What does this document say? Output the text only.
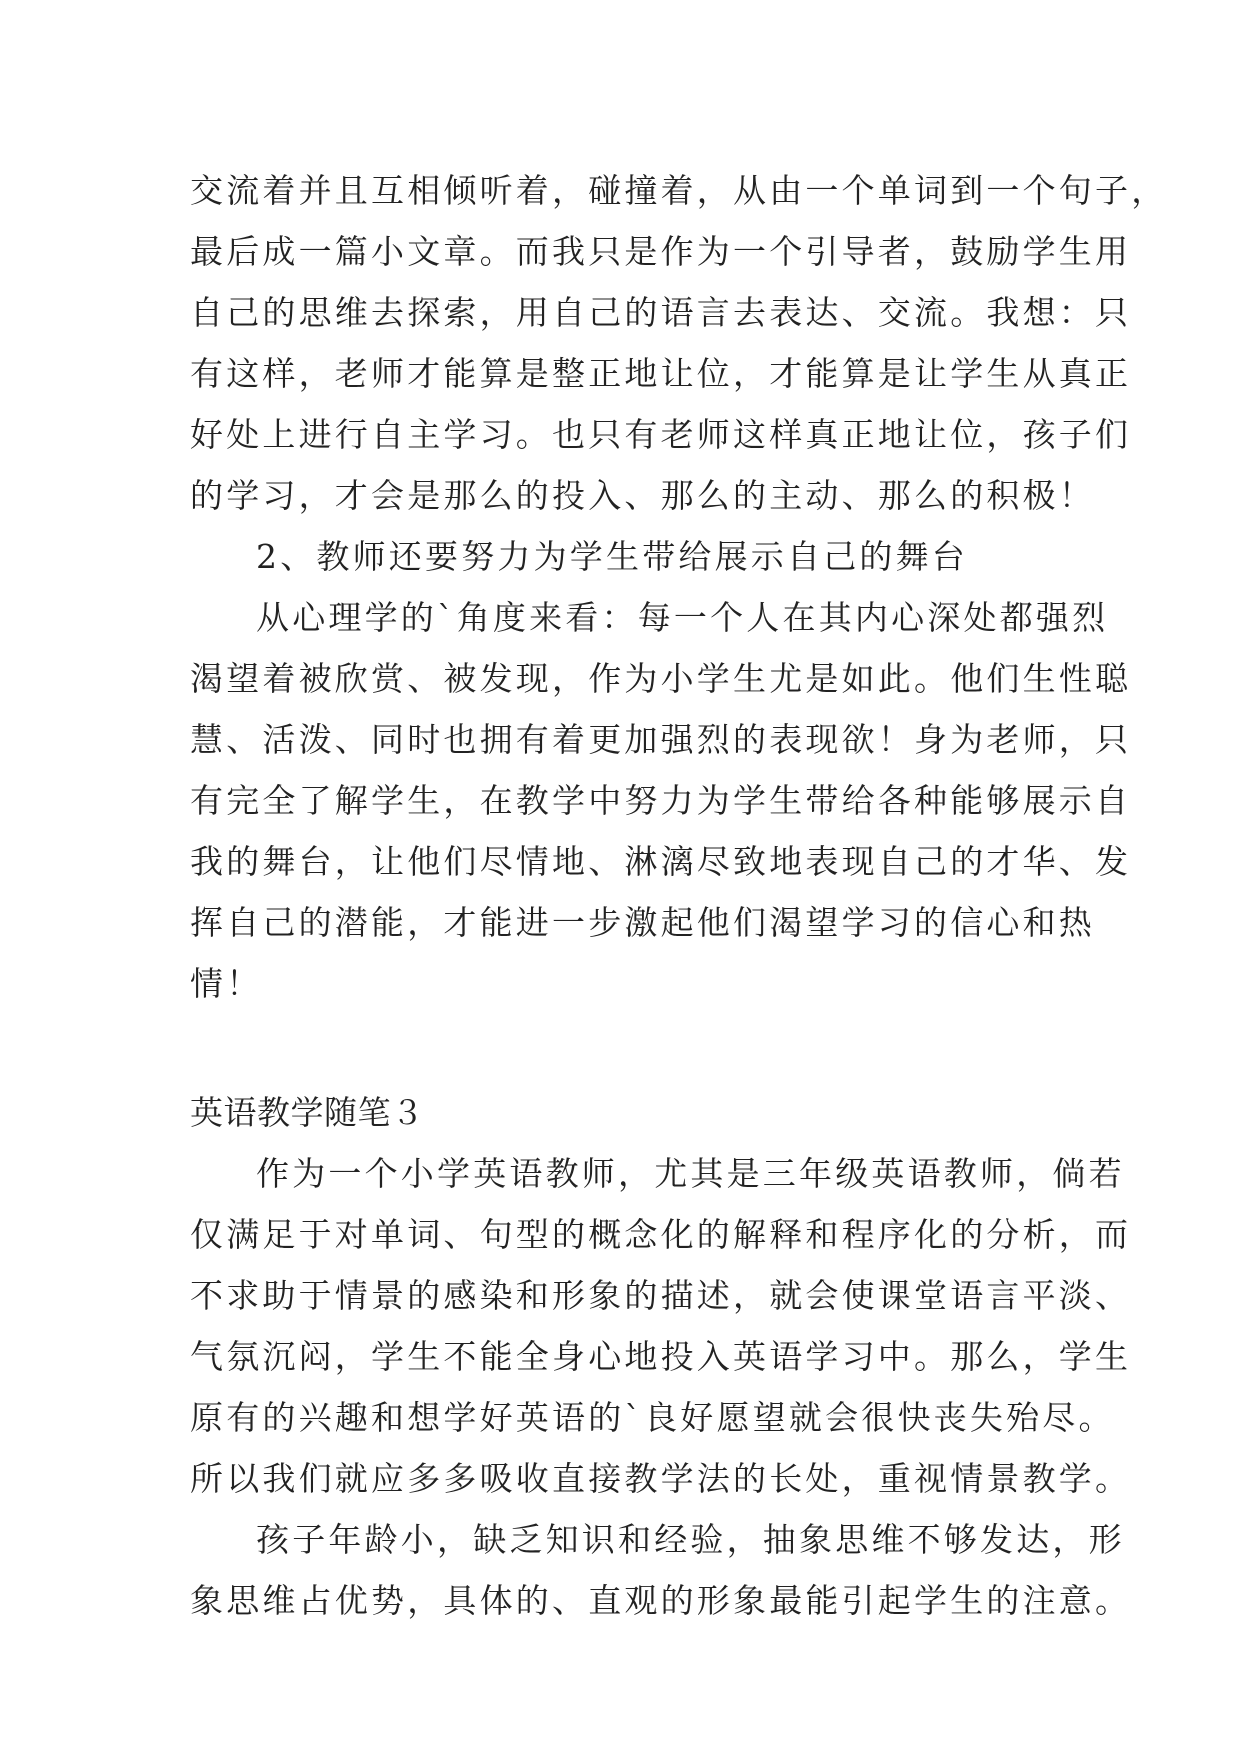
交流着并且互相倾听着，碰撞着，从由一个单词到一个句子，
最后成一篇小文章。而我只是作为一个引导者，鼓励学生用
自己的思维去探索，用自己的语言去表达、交流。我想：只
有这样，老师才能算是整正地让位，才能算是让学生从真正
好处上进行自主学习。也只有老师这样真正地让位，孩子们
的学习，才会是那么的投入、那么的主动、那么的积极！
2、教师还要努力为学生带给展示自己的舞台
从心理学的`角度来看：每一个人在其内心深处都强烈
渴望着被欣赏、被发现，作为小学生尤是如此。他们生性聪
慧、活泼、同时也拥有着更加强烈的表现欲！身为老师，只
有完全了解学生，在教学中努力为学生带给各种能够展示自
我的舞台，让他们尽情地、淋漓尽致地表现自己的才华、发
挥自己的潜能，才能进一步激起他们渴望学习的信心和热
情！
英语教学随笔３
作为一个小学英语教师，尤其是三年级英语教师，倘若
仅满足于对单词、句型的概念化的解释和程序化的分析，而
不求助于情景的感染和形象的描述，就会使课堂语言平淡、
气氛沉闷，学生不能全身心地投入英语学习中。那么，学生
原有的兴趣和想学好英语的`良好愿望就会很快丧失殆尽。
所以我们就应多多吸收直接教学法的长处，重视情景教学。
孩子年龄小，缺乏知识和经验，抽象思维不够发达，形
象思维占优势，具体的、直观的形象最能引起学生的注意。
